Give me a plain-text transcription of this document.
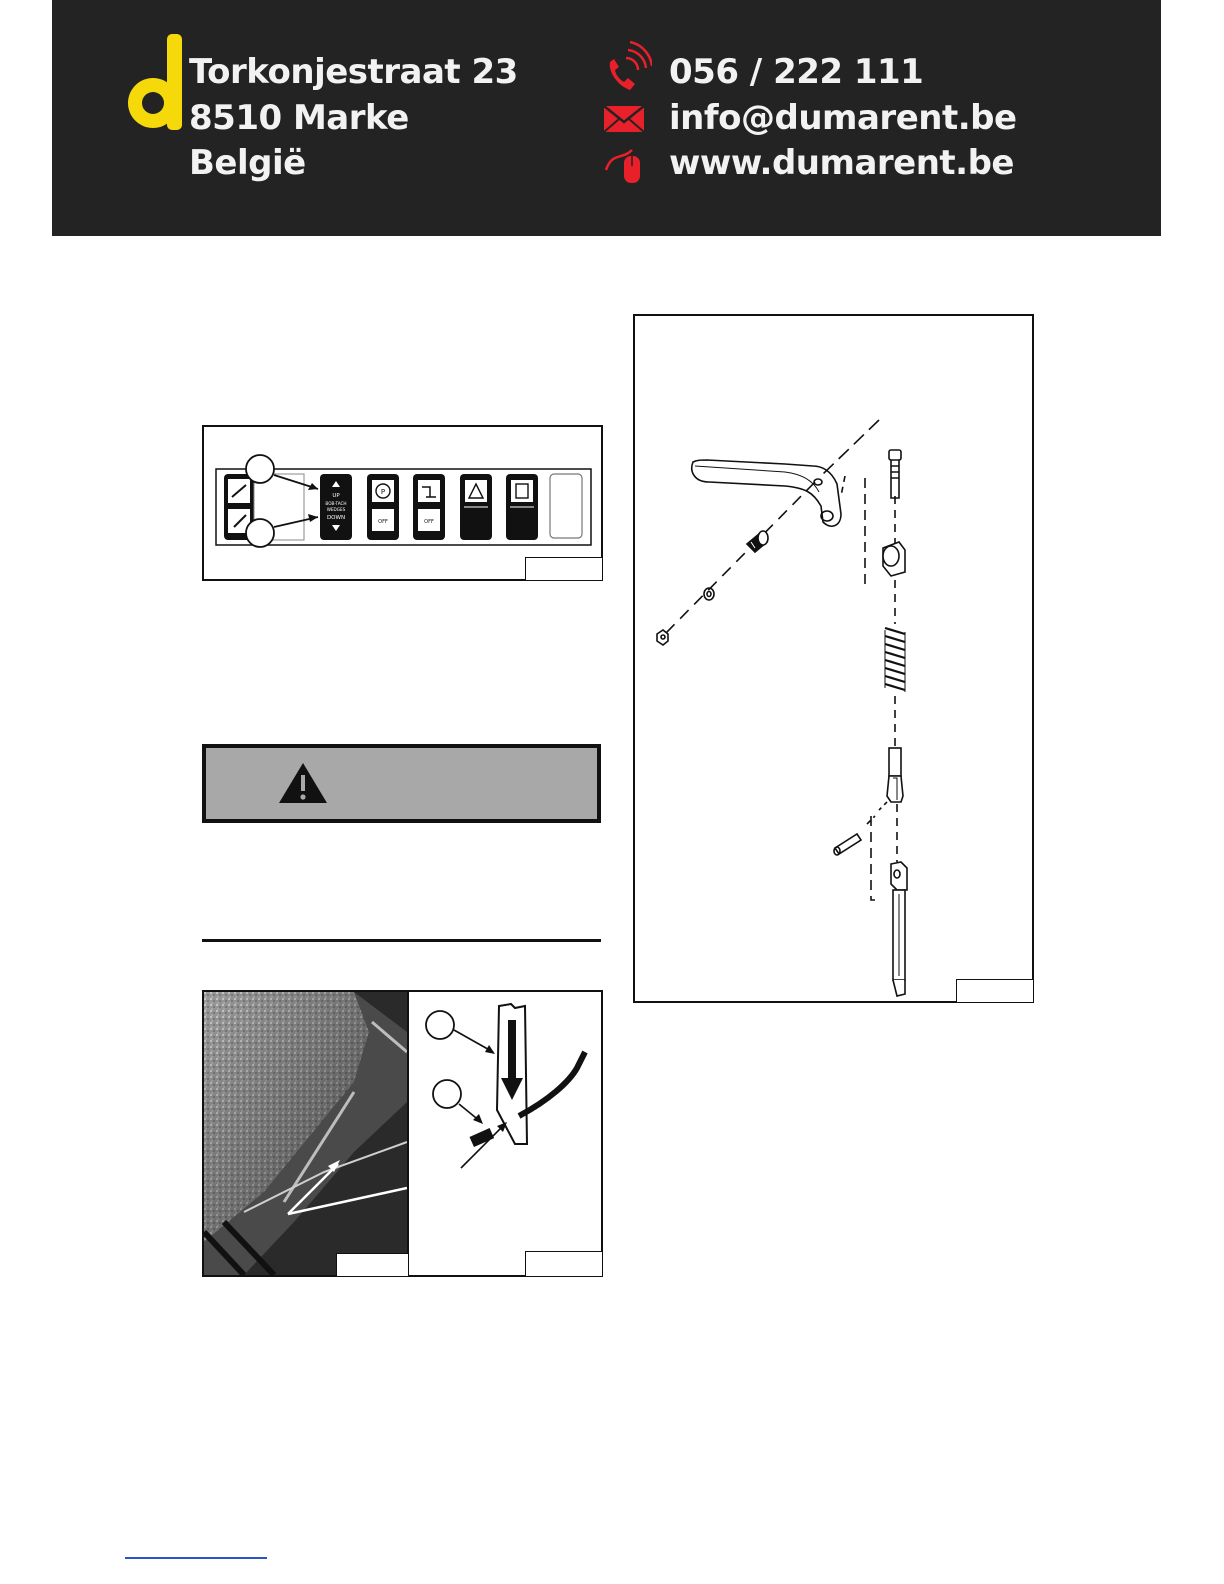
Torkonjestraat 23
8510 Marke
België
056 / 222 111
info@dumarent.be
www.dumarent.be
UP
BOB-TACH
WEDGES
DOWN
P
OFF	OFF
